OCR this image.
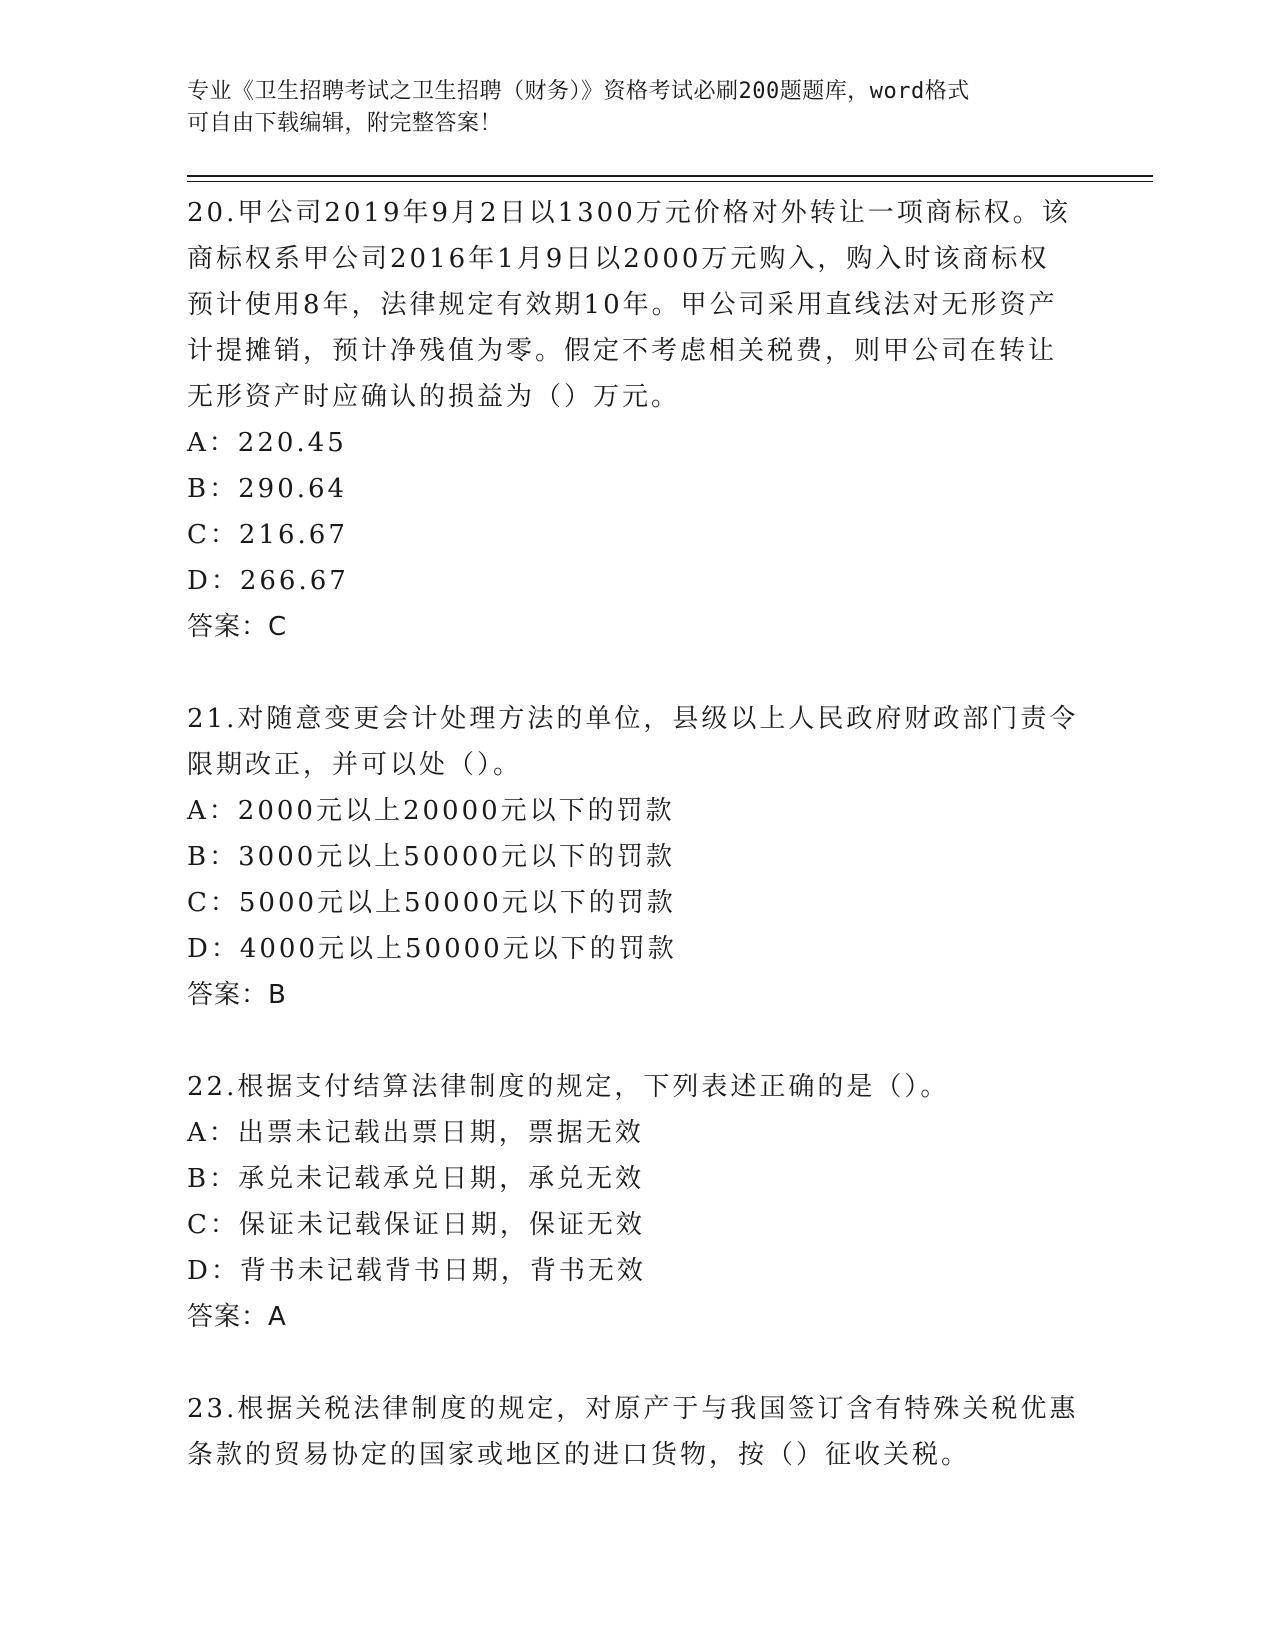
专业《卫生招聘考试之卫生招聘（财务）》资格考试必刷200题题库，word格式
可自由下载编辑，附完整答案！

20.甲公司2019年9月2日以1300万元价格对外转让一项商标权。该

商标权系甲公司2016年1月9日以2000万元购入，购入时该商标权

预计使用8年，法律规定有效期10年。甲公司采用直线法对无形资产

计提摊销，预计净残值为零。假定不考虑相关税费，则甲公司在转让

无形资产时应确认的损益为（）万元。

A：220.45

B：290.64

C：216.67

D：266.67

答案：C

21.对随意变更会计处理方法的单位，县级以上人民政府财政部门责令

限期改正，并可以处（）。

A：2000元以上20000元以下的罚款

B：3000元以上50000元以下的罚款

C：5000元以上50000元以下的罚款

D：4000元以上50000元以下的罚款

答案：B

22.根据支付结算法律制度的规定，下列表述正确的是（）。

A：出票未记载出票日期，票据无效

B：承兑未记载承兑日期，承兑无效

C：保证未记载保证日期，保证无效

D：背书未记载背书日期，背书无效

答案：A

23.根据关税法律制度的规定，对原产于与我国签订含有特殊关税优惠

条款的贸易协定的国家或地区的进口货物，按（）征收关税。
